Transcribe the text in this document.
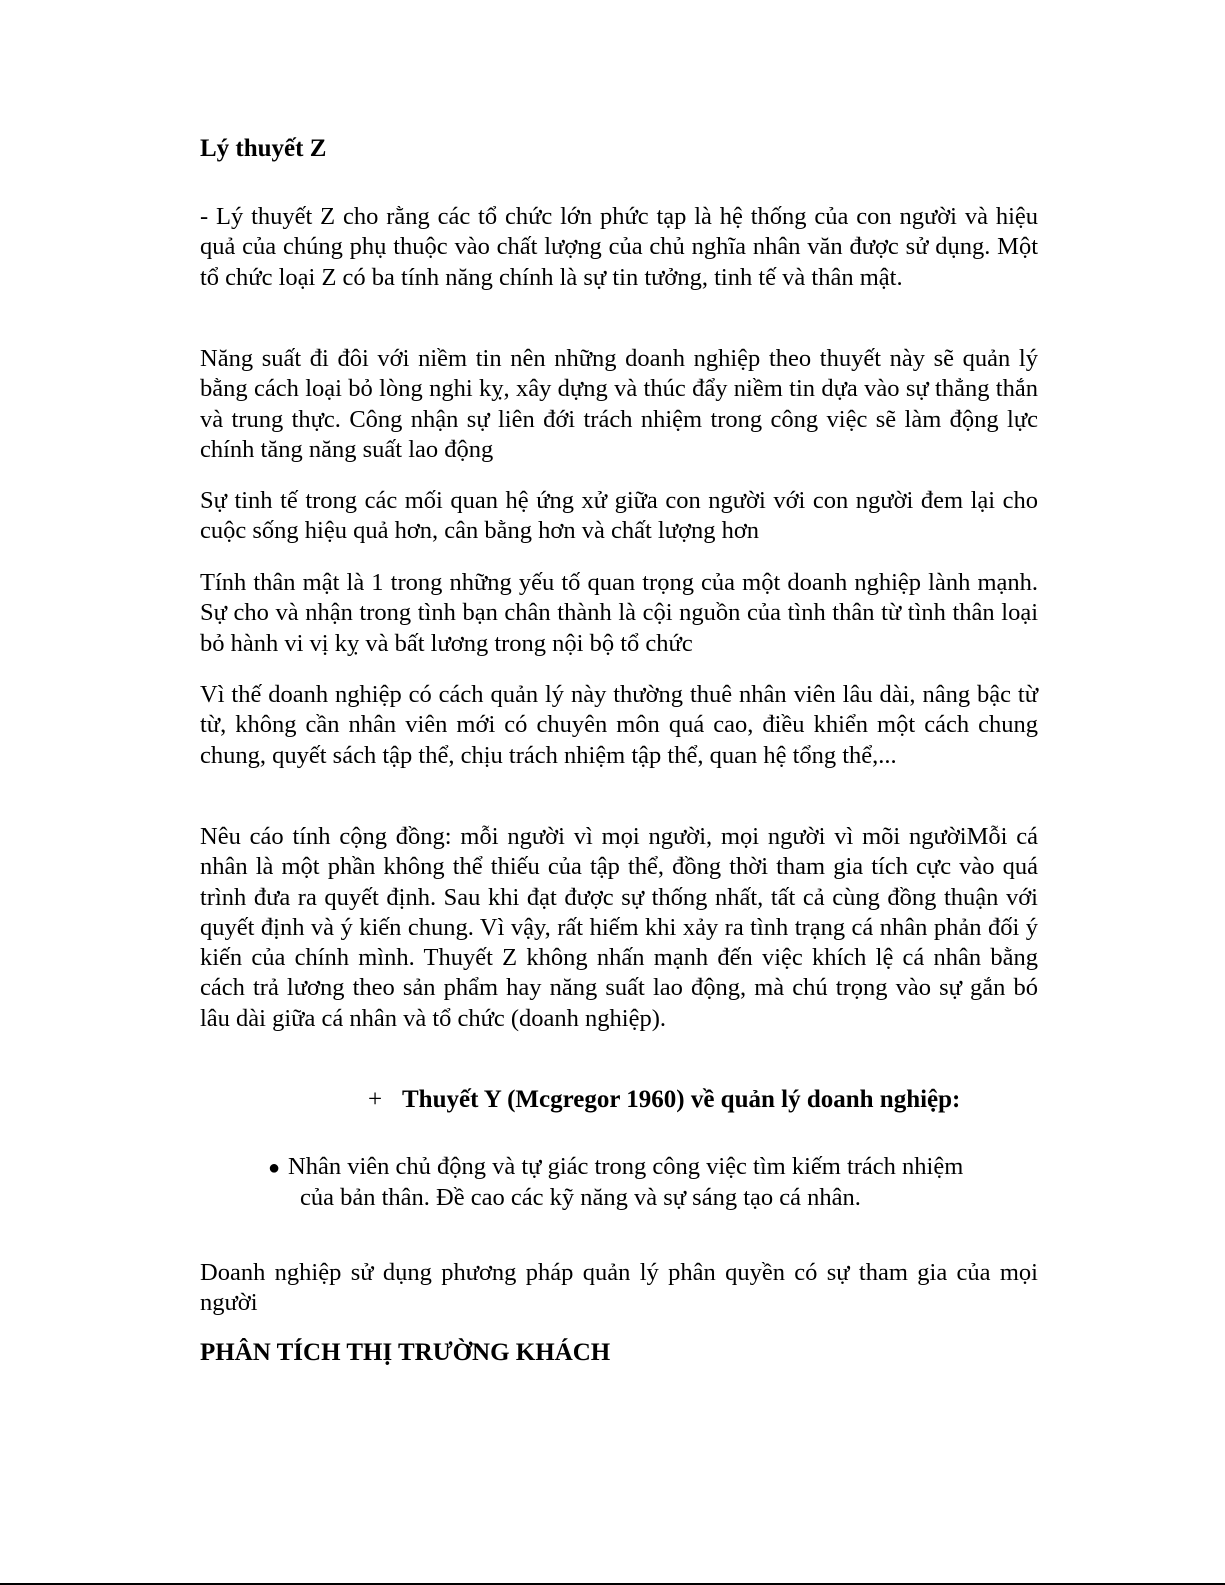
Lý thuyết Z

- Lý thuyết Z cho rằng các tổ chức lớn phức tạp là hệ thống của con người và hiệu quả của chúng phụ thuộc vào chất lượng của chủ nghĩa nhân văn được sử dụng. Một tổ chức loại Z có ba tính năng chính là sự tin tưởng, tinh tế và thân mật.

Năng suất đi đôi với niềm tin nên những doanh nghiệp theo thuyết này sẽ quản lý bằng cách loại bỏ lòng nghi kỵ, xây dựng và thúc đẩy niềm tin dựa vào sự thẳng thắn và trung thực. Công nhận sự liên đới trách nhiệm trong công việc sẽ làm động lực chính tăng năng suất lao động

Sự tinh tế trong các mối quan hệ ứng xử giữa con người với con người đem lại cho cuộc sống hiệu quả hơn, cân bằng hơn và chất lượng hơn

Tính thân mật là 1 trong những yếu tố quan trọng của một doanh nghiệp lành mạnh. Sự cho và nhận trong tình bạn chân thành là cội nguồn của tình thân từ tình thân loại bỏ hành vi vị kỵ và bất lương trong nội bộ tổ chức

Vì thế doanh nghiệp có cách quản lý này thường thuê nhân viên lâu dài, nâng bậc từ từ, không cần nhân viên mới có chuyên môn quá cao, điều khiển một cách chung chung, quyết sách tập thể, chịu trách nhiệm tập thể, quan hệ tổng thể,...

Nêu cáo tính cộng đồng: mỗi người vì mọi người, mọi người vì mõi ngườiMỗi cá nhân là một phần không thể thiếu của tập thể, đồng thời tham gia tích cực vào quá trình đưa ra quyết định. Sau khi đạt được sự thống nhất, tất cả cùng đồng thuận với quyết định và ý kiến chung. Vì vậy, rất hiếm khi xảy ra tình trạng cá nhân phản đối ý kiến của chính mình. Thuyết Z không nhấn mạnh đến việc khích lệ cá nhân bằng cách trả lương theo sản phẩm hay năng suất lao động, mà chú trọng vào sự gắn bó lâu dài giữa cá nhân và tổ chức (doanh nghiệp).

+ Thuyết Y (Mcgregor 1960) về quản lý doanh nghiệp:
● Nhân viên chủ động và tự giác trong công việc tìm kiếm trách nhiệm
của bản thân. Đề cao các kỹ năng và sự sáng tạo cá nhân.

Doanh nghiệp sử dụng phương pháp quản lý phân quyền có sự tham gia của mọi người

PHÂN TÍCH THỊ TRƯỜNG KHÁCH
